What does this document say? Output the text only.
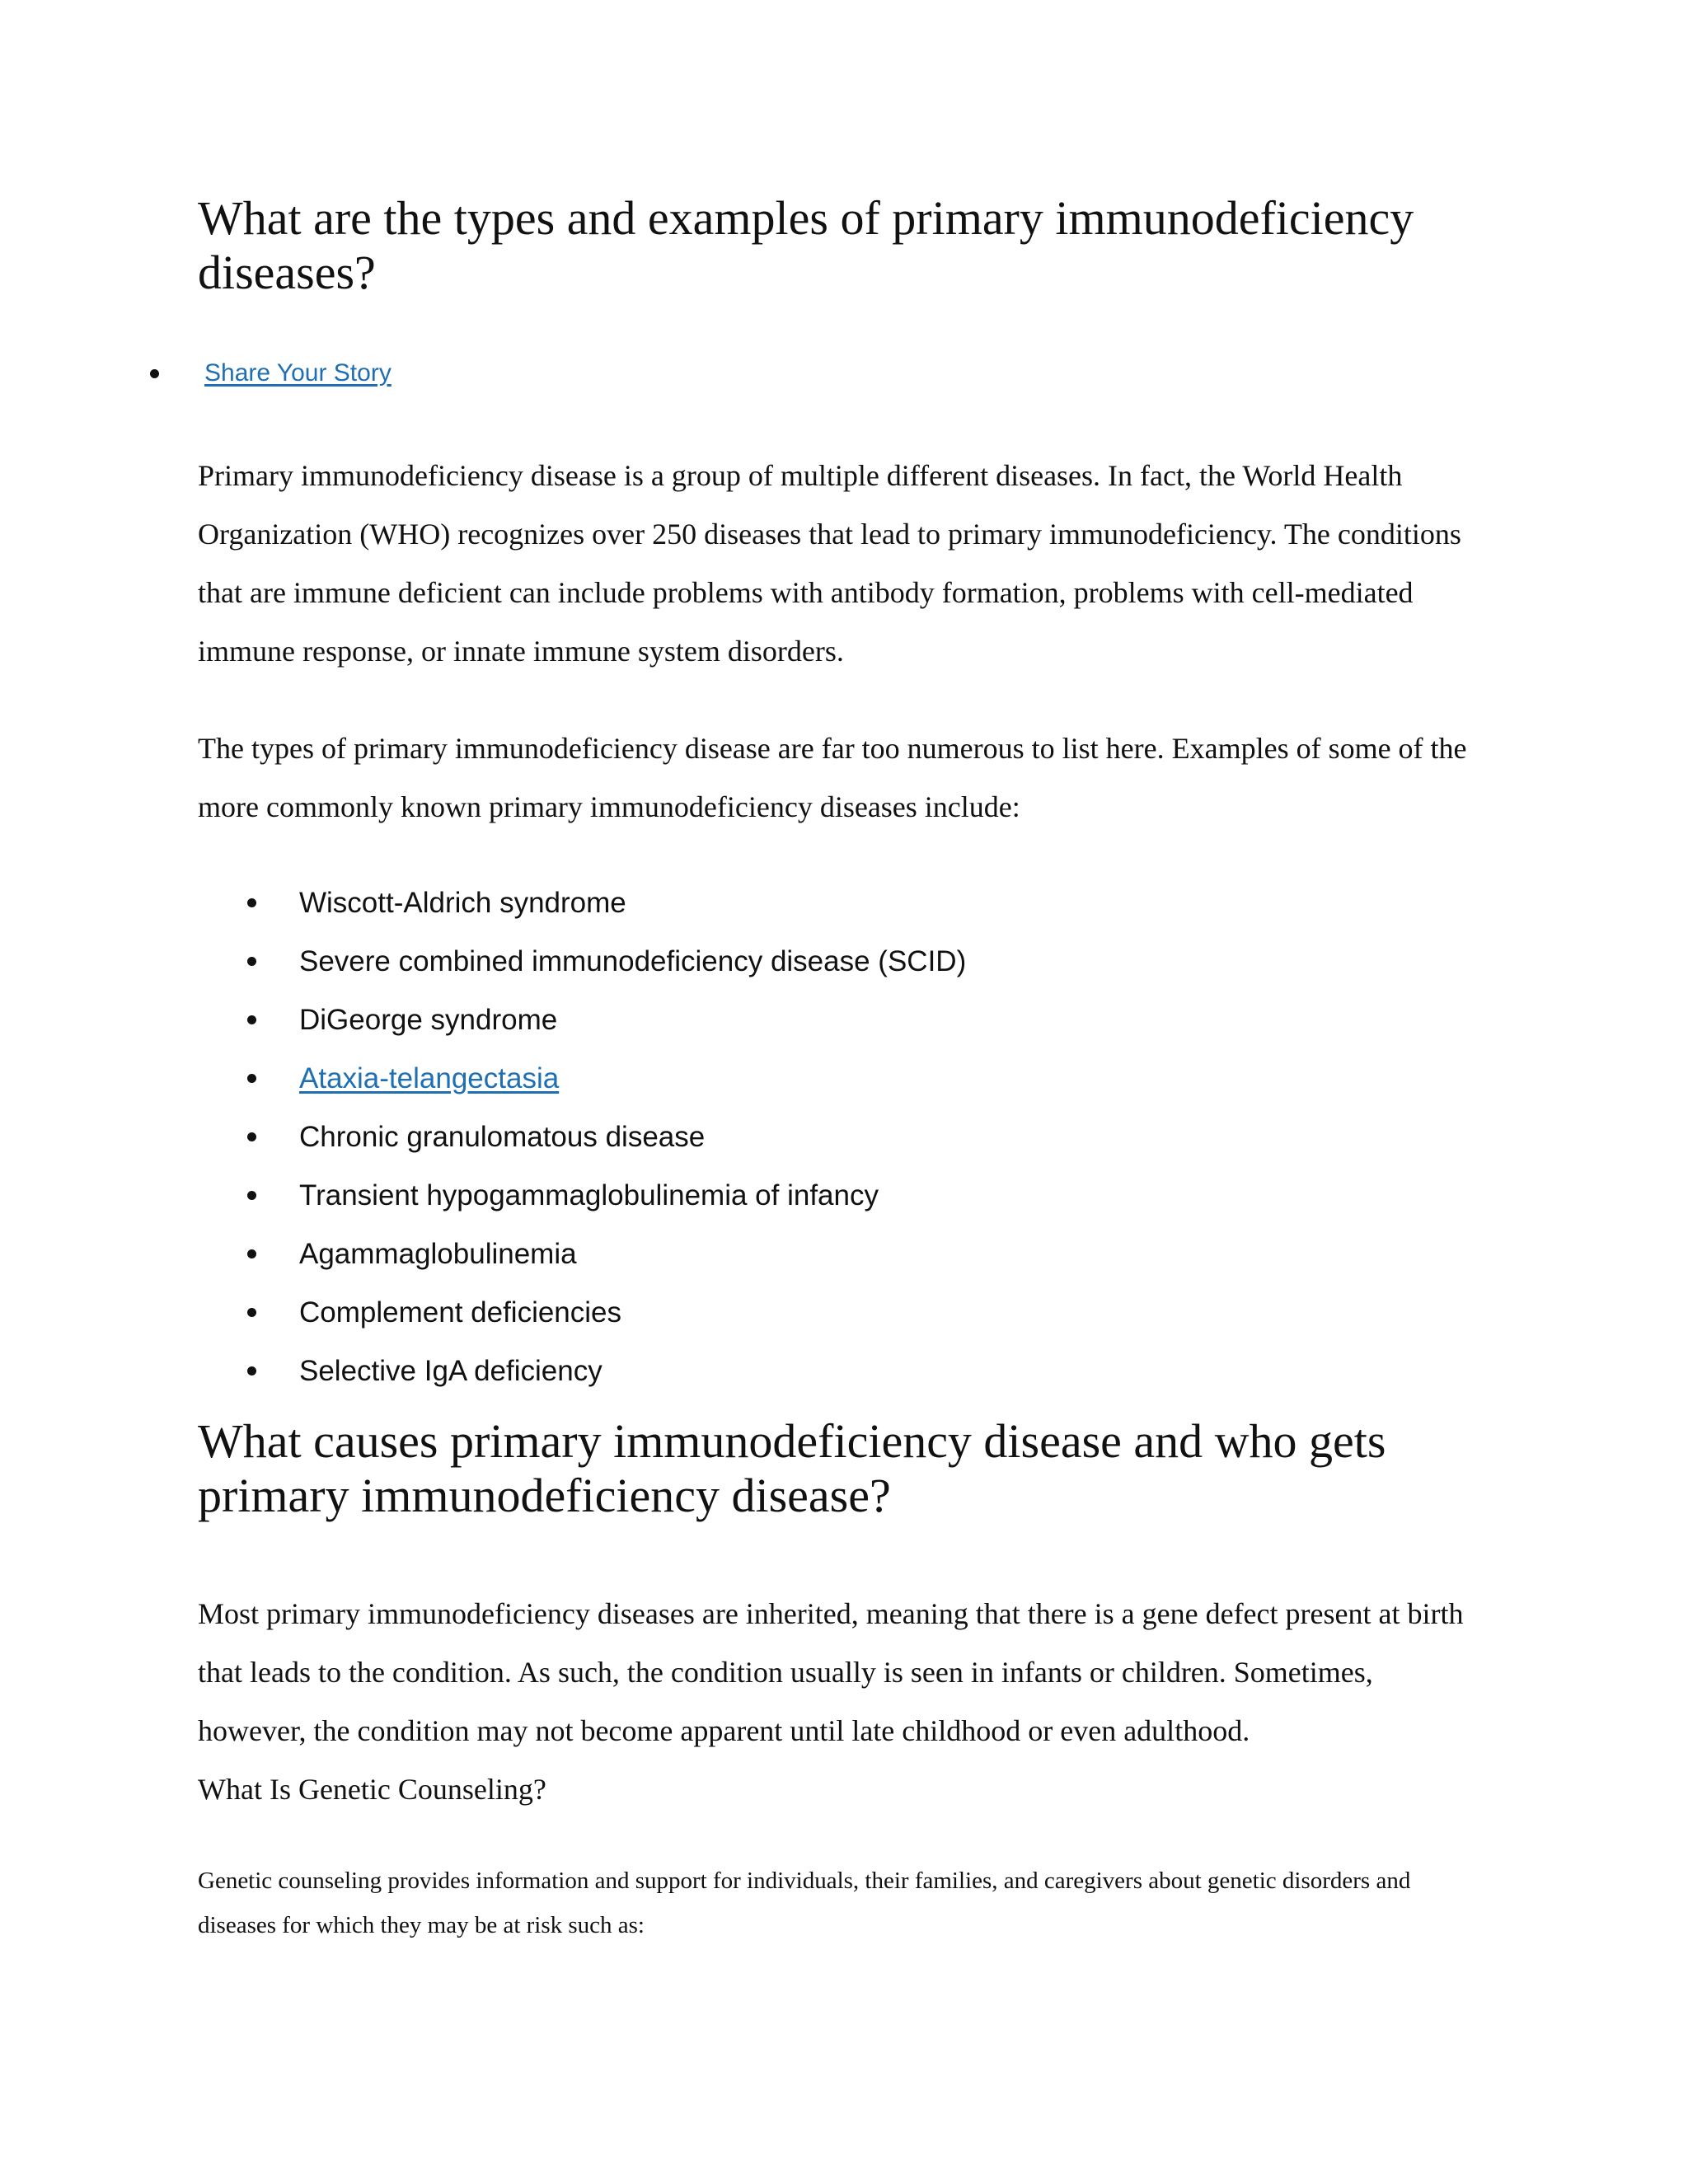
What are the types and examples of primary immunodeficiency diseases?
Share Your Story

Primary immunodeficiency disease is a group of multiple different diseases. In fact, the World Health Organization (WHO) recognizes over 250 diseases that lead to primary immunodeficiency. The conditions that are immune deficient can include problems with antibody formation, problems with cell-mediated immune response, or innate immune system disorders.

The types of primary immunodeficiency disease are far too numerous to list here. Examples of some of the more commonly known primary immunodeficiency diseases include:

Wiscott-Aldrich syndrome
Severe combined immunodeficiency disease (SCID)
DiGeorge syndrome
Ataxia-telangectasia
Chronic granulomatous disease
Transient hypogammaglobulinemia of infancy
Agammaglobulinemia
Complement deficiencies
Selective IgA deficiency
What causes primary immunodeficiency disease and who gets primary immunodeficiency disease?

Most primary immunodeficiency diseases are inherited, meaning that there is a gene defect present at birth that leads to the condition. As such, the condition usually is seen in infants or children. Sometimes, however, the condition may not become apparent until late childhood or even adulthood.

What Is Genetic Counseling?

Genetic counseling provides information and support for individuals, their families, and caregivers about genetic disorders and diseases for which they may be at risk such as:
